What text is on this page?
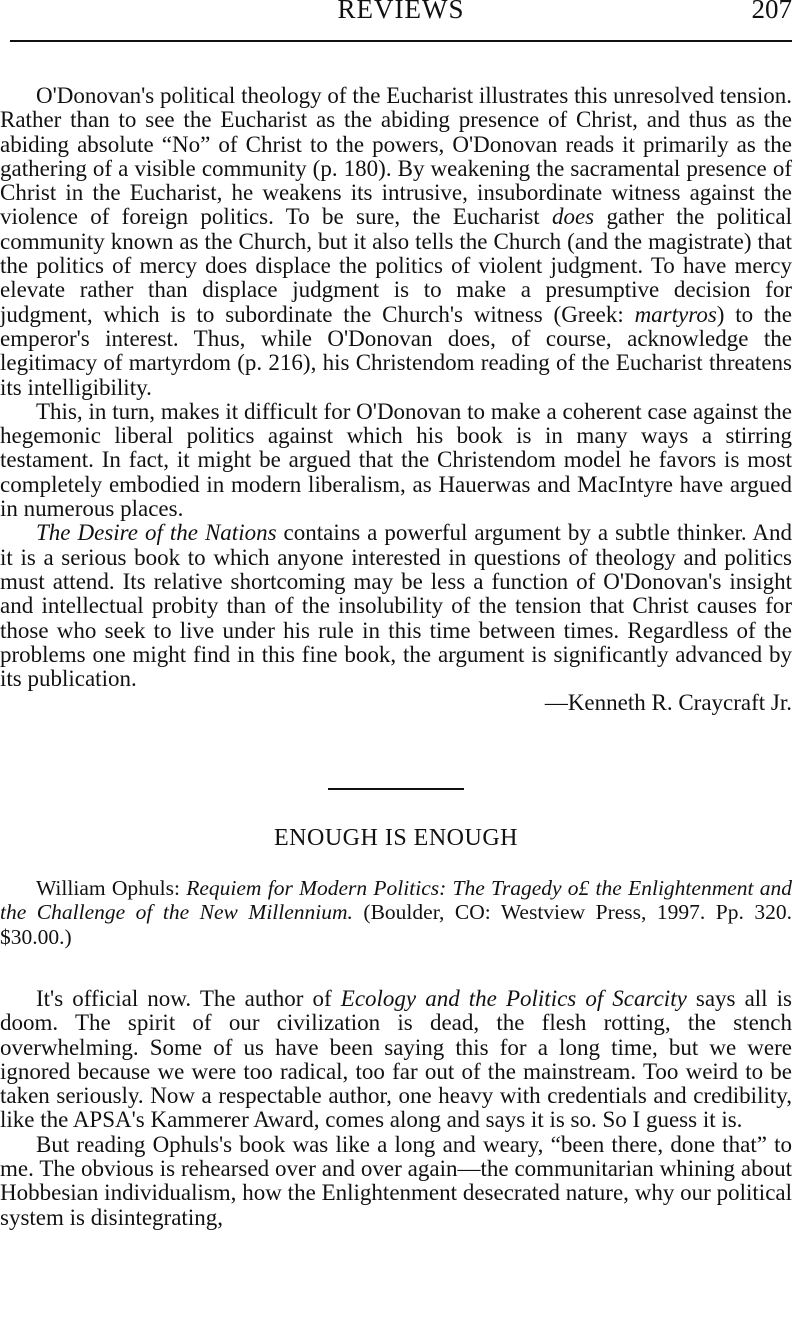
REVIEWS	207

O'Donovan's political theology of the Eucharist illustrates this unresolved tension. Rather than to see the Eucharist as the abiding presence of Christ, and thus as the abiding absolute “No” of Christ to the powers, O'Donovan reads it primarily as the gathering of a visible community (p. 180). By weakening the sacramental presence of Christ in the Eucharist, he weakens its intrusive, insubordinate witness against the violence of foreign politics. To be sure, the Eucharist does gather the political community known as the Church, but it also tells the Church (and the magistrate) that the politics of mercy does displace the politics of violent judgment. To have mercy elevate rather than displace judgment is to make a presumptive decision for judgment, which is to subordinate the Church's witness (Greek: martyros) to the emperor's interest. Thus, while O'Donovan does, of course, acknowledge the legitimacy of martyrdom (p. 216), his Christendom reading of the Eucharist threatens its intelligibility.

This, in turn, makes it difficult for O'Donovan to make a coherent case against the hegemonic liberal politics against which his book is in many ways a stirring testament. In fact, it might be argued that the Christendom model he favors is most completely embodied in modern liberalism, as Hauerwas and MacIntyre have argued in numerous places.

The Desire of the Nations contains a powerful argument by a subtle thinker. And it is a serious book to which anyone interested in questions of theology and politics must attend. Its relative shortcoming may be less a function of O'Donovan's insight and intellectual probity than of the insolubility of the tension that Christ causes for those who seek to live under his rule in this time between times. Regardless of the problems one might find in this fine book, the argument is significantly advanced by its publication.

—Kenneth R. Craycraft Jr.

ENOUGH IS ENOUGH

William Ophuls: Requiem for Modern Politics: The Tragedy o£ the Enlightenment and the Challenge of the New Millennium. (Boulder, CO: Westview Press, 1997. Pp. 320. $30.00.)

It's official now. The author of Ecology and the Politics of Scarcity says all is doom. The spirit of our civilization is dead, the flesh rotting, the stench overwhelming. Some of us have been saying this for a long time, but we were ignored because we were too radical, too far out of the mainstream. Too weird to be taken seriously. Now a respectable author, one heavy with credentials and credibility, like the APSA's Kammerer Award, comes along and says it is so. So I guess it is.

But reading Ophuls's book was like a long and weary, “been there, done that” to me. The obvious is rehearsed over and over again—the communitarian whining about Hobbesian individualism, how the Enlightenment desecrated nature, why our political system is disintegrating,
